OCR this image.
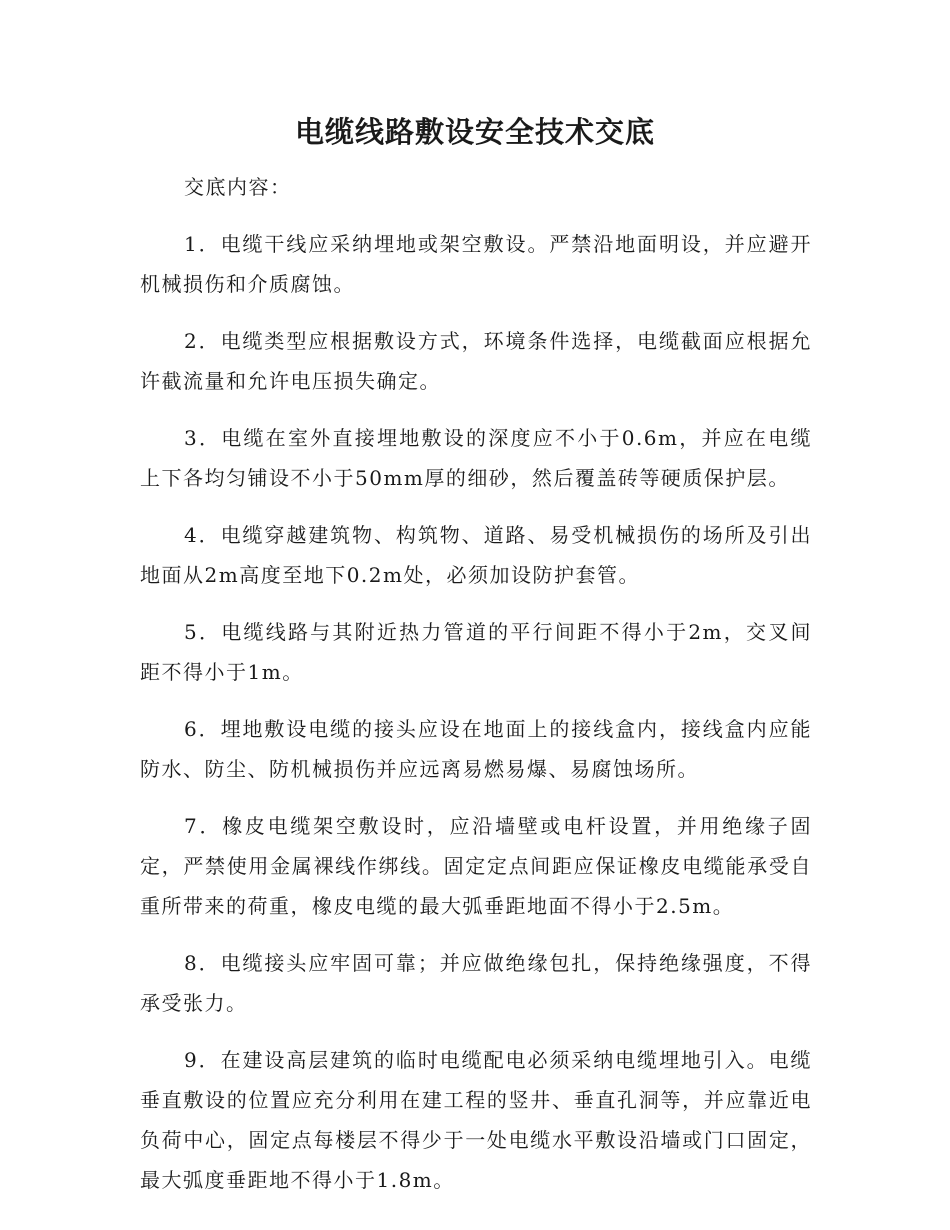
电缆线路敷设安全技术交底

交底内容：

1．电缆干线应采纳埋地或架空敷设。严禁沿地面明设，并应避开机械损伤和介质腐蚀。

2．电缆类型应根据敷设方式，环境条件选择，电缆截面应根据允许截流量和允许电压损失确定。

3．电缆在室外直接埋地敷设的深度应不小于0.6m，并应在电缆上下各均匀铺设不小于50mm厚的细砂，然后覆盖砖等硬质保护层。

4．电缆穿越建筑物、构筑物、道路、易受机械损伤的场所及引出地面从2m高度至地下0.2m处，必须加设防护套管。

5．电缆线路与其附近热力管道的平行间距不得小于2m，交叉间距不得小于1m。

6．埋地敷设电缆的接头应设在地面上的接线盒内，接线盒内应能防水、防尘、防机械损伤并应远离易燃易爆、易腐蚀场所。

7．橡皮电缆架空敷设时，应沿墙壁或电杆设置，并用绝缘子固定，严禁使用金属裸线作绑线。固定定点间距应保证橡皮电缆能承受自重所带来的荷重，橡皮电缆的最大弧垂距地面不得小于2.5m。

8．电缆接头应牢固可靠；并应做绝缘包扎，保持绝缘强度，不得承受张力。

9．在建设高层建筑的临时电缆配电必须采纳电缆埋地引入。电缆垂直敷设的位置应充分利用在建工程的竖井、垂直孔洞等，并应靠近电负荷中心，固定点每楼层不得少于一处电缆水平敷设沿墙或门口固定，最大弧度垂距地不得小于1.8m。
